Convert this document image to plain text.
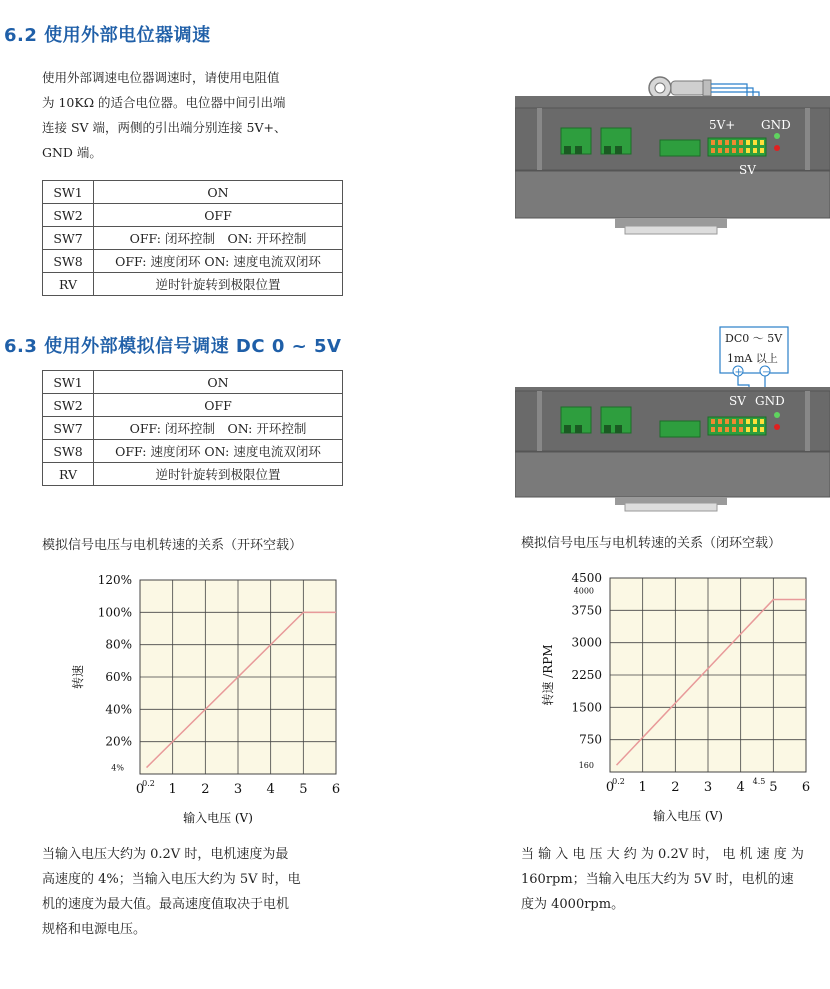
6.2 使用外部电位器调速
使用外部调速电位器调速时，请使用电阻值
为 10KΩ 的适合电位器。电位器中间引出端
连接 SV 端，两侧的引出端分别连接 5V+、
GND 端。
SW1	ON
SW2	OFF
SW7	OFF: 闭环控制　ON: 开环控制
SW8	OFF: 速度闭环 ON: 速度电流双闭环
RV	逆时针旋转到极限位置
5V+ GND
SV
6.3 使用外部模拟信号调速 DC 0 ~ 5V
SW1	ON
SW2	OFF
SW7	OFF: 闭环控制　ON: 开环控制
SW8	OFF: 速度闭环 ON: 速度电流双闭环
RV	逆时针旋转到极限位置
DC0 ～ 5V
1mA 以上
+ −
SV GND
模拟信号电压与电机转速的关系（开环空载）	模拟信号电压与电机转速的关系（闭环空载）
0 1 2 3 4 5 6
0.2
20%
40%
60%
80%
100%
120%
4%
输入电压 (V)
转速
0 1 2 3 4 5 6
0.2	4.5
750
1500
2250
3000
3750
4500
160
4000
输入电压 (V)
转速 /RPM
当输入电压大约为 0.2V 时，电机速度为最
高速度的 4%；当输入电压大约为 5V 时，电
机的速度为最大值。最高速度值取决于电机
规格和电源电压。
当 输 入 电 压 大 约 为 0.2V 时， 电 机 速 度 为
160rpm；当输入电压大约为 5V 时，电机的速
度为 4000rpm。
